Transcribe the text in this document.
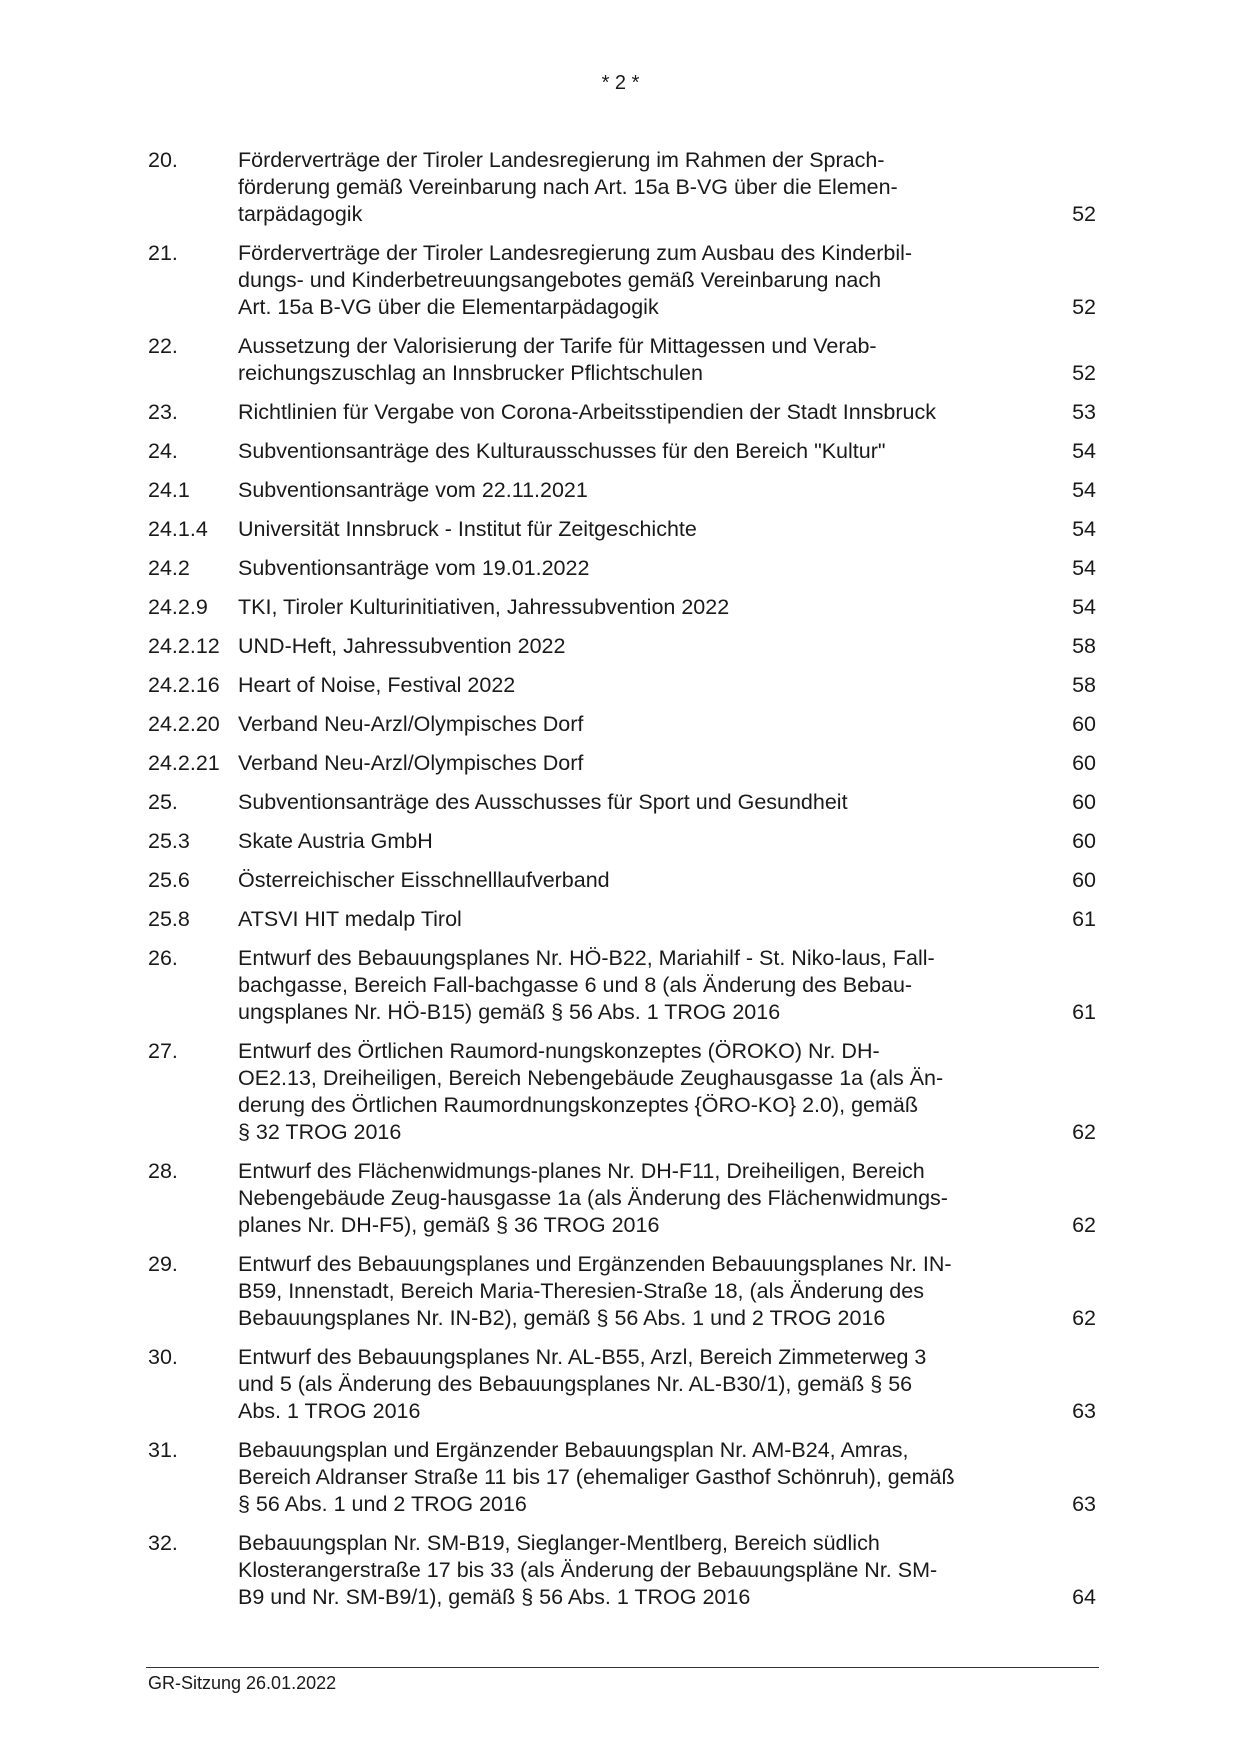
* 2 *
20.	Förderverträge der Tiroler Landesregierung im Rahmen der Sprach-
förderung gemäß Vereinbarung nach Art. 15a B-VG über die Elemen-
tarpädagogik	52
21.	Förderverträge der Tiroler Landesregierung zum Ausbau des Kinderbil-
dungs- und Kinderbetreuungsangebotes gemäß Vereinbarung nach
Art. 15a B-VG über die Elementarpädagogik	52
22.	Aussetzung der Valorisierung der Tarife für Mittagessen und Verab-
reichungszuschlag an Innsbrucker Pflichtschulen	52
23.	Richtlinien für Vergabe von Corona-Arbeitsstipendien der Stadt Innsbruck	53
24.	Subventionsanträge des Kulturausschusses für den Bereich "Kultur"	54
24.1	Subventionsanträge vom 22.11.2021	54
24.1.4	Universität Innsbruck - Institut für Zeitgeschichte	54
24.2	Subventionsanträge vom 19.01.2022	54
24.2.9	TKI, Tiroler Kulturinitiativen, Jahressubvention 2022	54
24.2.12 UND-Heft, Jahressubvention 2022	58
24.2.16 Heart of Noise, Festival 2022	58
24.2.20 Verband Neu-Arzl/Olympisches Dorf	60
24.2.21 Verband Neu-Arzl/Olympisches Dorf	60
25.	Subventionsanträge des Ausschusses für Sport und Gesundheit	60
25.3	Skate Austria GmbH	60
25.6	Österreichischer Eisschnelllaufverband	60
25.8	ATSVI HIT medalp Tirol	61
26.	Entwurf des Bebauungsplanes Nr. HÖ-B22, Mariahilf - St. Niko-laus, Fall-
bachgasse, Bereich Fall-bachgasse 6 und 8 (als Änderung des Bebau-
ungsplanes Nr. HÖ-B15) gemäß § 56 Abs. 1 TROG 2016	61
27.	Entwurf des Örtlichen Raumord-nungskonzeptes (ÖROKO) Nr. DH-
OE2.13, Dreiheiligen, Bereich Nebengebäude Zeughausgasse 1a (als Än-
derung des Örtlichen Raumordnungskonzeptes {ÖRO-KO} 2.0), gemäß
§ 32 TROG 2016	62
28.	Entwurf des Flächenwidmungs-planes Nr. DH-F11, Dreiheiligen, Bereich
Nebengebäude Zeug-hausgasse 1a (als Änderung des Flächenwidmungs-
planes Nr. DH-F5), gemäß § 36 TROG 2016	62
29.	Entwurf des Bebauungsplanes und Ergänzenden Bebauungsplanes Nr. IN-
B59, Innenstadt, Bereich Maria-Theresien-Straße 18, (als Änderung des
Bebauungsplanes Nr. IN-B2), gemäß § 56 Abs. 1 und 2 TROG 2016	62
30.	Entwurf des Bebauungsplanes Nr. AL-B55, Arzl, Bereich Zimmeterweg 3
und 5 (als Änderung des Bebauungsplanes Nr. AL-B30/1), gemäß § 56
Abs. 1 TROG 2016	63
31.	Bebauungsplan und Ergänzender Bebauungsplan Nr. AM-B24, Amras,
Bereich Aldranser Straße 11 bis 17 (ehemaliger Gasthof Schönruh), gemäß
§ 56 Abs. 1 und 2 TROG 2016	63
32.	Bebauungsplan Nr. SM-B19, Sieglanger-Mentlberg, Bereich südlich
Klosterangerstraße 17 bis 33 (als Änderung der Bebauungspläne Nr. SM-
B9 und Nr. SM-B9/1), gemäß § 56 Abs. 1 TROG 2016	64
GR-Sitzung 26.01.2022
